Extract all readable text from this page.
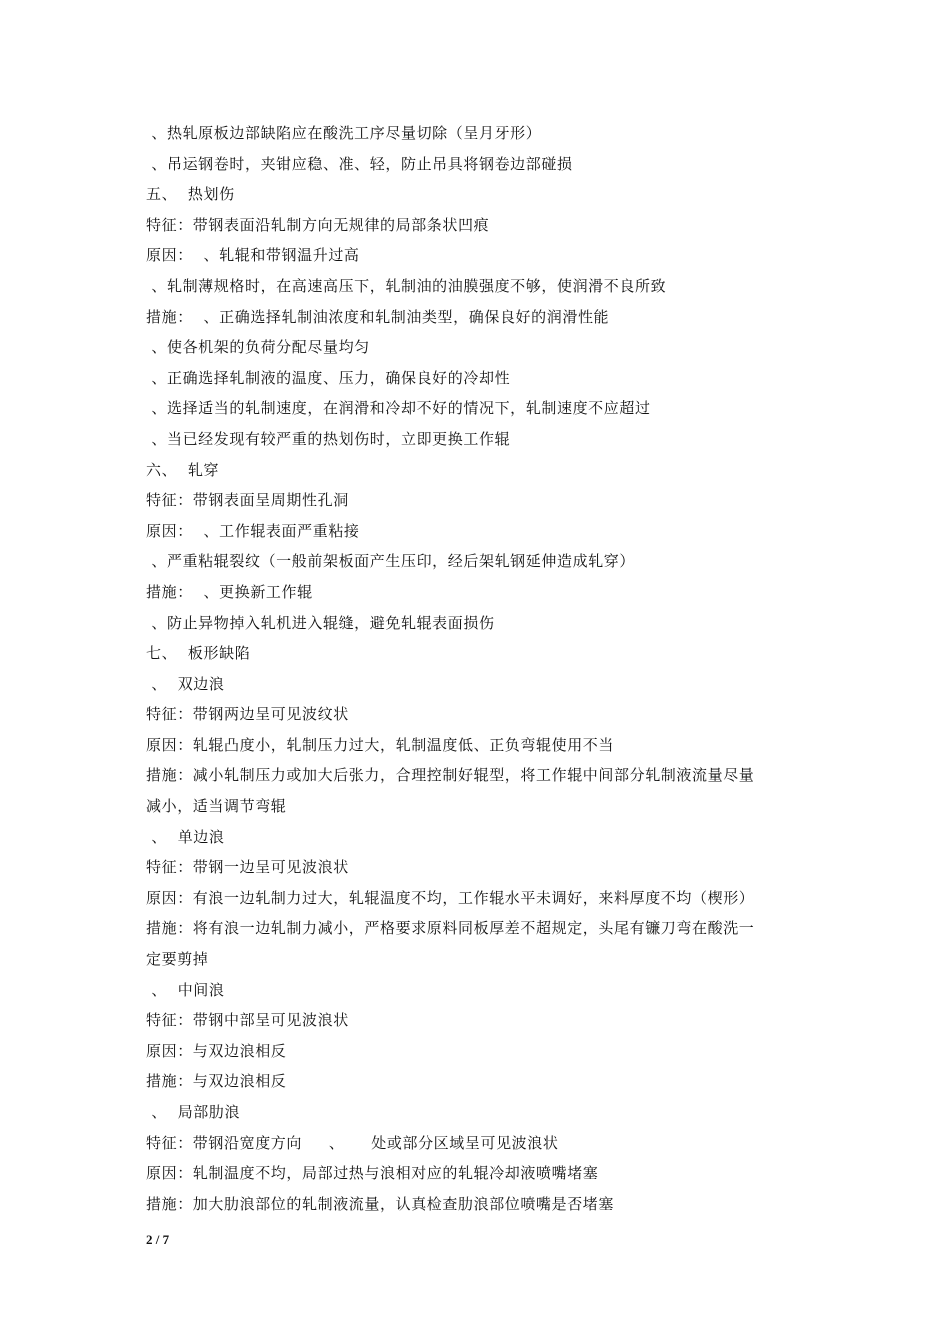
、热轧原板边部缺陷应在酸洗工序尽量切除（呈月牙形）
、吊运钢卷时，夹钳应稳、准、轻，防止吊具将钢卷边部碰损
五、  热划伤
特征：带钢表面沿轧制方向无规律的局部条状凹痕
原因：  、轧辊和带钢温升过高
、轧制薄规格时，在高速高压下，轧制油的油膜强度不够，使润滑不良所致
措施：  、正确选择轧制油浓度和轧制油类型，确保良好的润滑性能
、使各机架的负荷分配尽量均匀
、正确选择轧制液的温度、压力，确保良好的冷却性
、选择适当的轧制速度，在润滑和冷却不好的情况下，轧制速度不应超过
、当已经发现有较严重的热划伤时，立即更换工作辊
六、  轧穿
特征：带钢表面呈周期性孔洞
原因：  、工作辊表面严重粘接
、严重粘辊裂纹（一般前架板面产生压印，经后架轧钢延伸造成轧穿）
措施：  、更换新工作辊
、防止异物掉入轧机进入辊缝，避免轧辊表面损伤
七、  板形缺陷
、  双边浪
特征：带钢两边呈可见波纹状
原因：轧辊凸度小，轧制压力过大，轧制温度低、正负弯辊使用不当
措施：减小轧制压力或加大后张力，合理控制好辊型，将工作辊中间部分轧制液流量尽量
减小，适当调节弯辊
、  单边浪
特征：带钢一边呈可见波浪状
原因：有浪一边轧制力过大，轧辊温度不均，工作辊水平未调好，来料厚度不均（楔形）
措施：将有浪一边轧制力减小，严格要求原料同板厚差不超规定，头尾有镰刀弯在酸洗一
定要剪掉
、  中间浪
特征：带钢中部呈可见波浪状
原因：与双边浪相反
措施：与双边浪相反
、  局部肋浪
特征：带钢沿宽度方向     、     处或部分区域呈可见波浪状
原因：轧制温度不均，局部过热与浪相对应的轧辊冷却液喷嘴堵塞
措施：加大肋浪部位的轧制液流量，认真检查肋浪部位喷嘴是否堵塞
2 / 7
